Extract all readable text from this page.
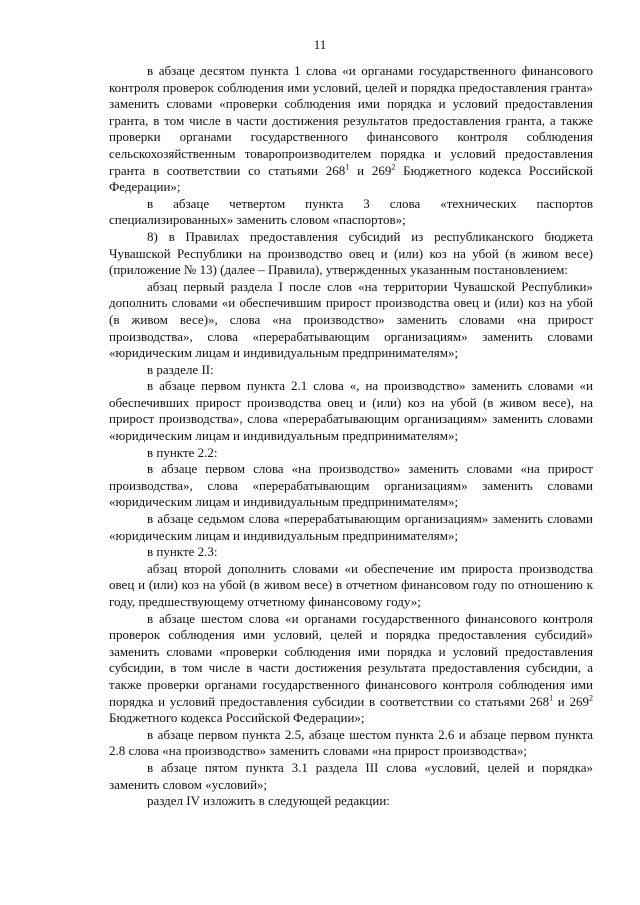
11

в абзаце десятом пункта 1 слова «и органами государственного финансового контроля проверок соблюдения ими условий, целей и порядка предоставления гранта» заменить словами «проверки соблюдения ими порядка и условий предоставления гранта, в том числе в части достижения результатов предоставления гранта, а также проверки органами государственного финансового контроля соблюдения сельскохозяйственным товаропроизводителем порядка и условий предоставления гранта в соответствии со статьями $268^1$ и $269^2$ Бюджетного кодекса Российской Федерации»;

в абзаце четвертом пункта 3 слова «технических паспортов специализированных» заменить словом «паспортов»;

8) в Правилах предоставления субсидий из республиканского бюджета Чувашской Республики на производство овец и (или) коз на убой (в живом весе) (приложение № 13) (далее – Правила), утвержденных указанным постановлением:

абзац первый раздела I после слов «на территории Чувашской Республики» дополнить словами «и обеспечившим прирост производства овец и (или) коз на убой (в живом весе)», слова «на производство» заменить словами «на прирост производства», слова «перерабатывающим организациям» заменить словами «юридическим лицам и индивидуальным предпринимателям»;

в разделе II:

в абзаце первом пункта 2.1 слова «, на производство» заменить словами «и обеспечивших прирост производства овец и (или) коз на убой (в живом весе), на прирост производства», слова «перерабатывающим организациям» заменить словами «юридическим лицам и индивидуальным предпринимателям»;

в пункте 2.2:

в абзаце первом слова «на производство» заменить словами «на прирост производства», слова «перерабатывающим организациям» заменить словами «юридическим лицам и индивидуальным предпринимателям»;

в абзаце седьмом слова «перерабатывающим организациям» заменить словами «юридическим лицам и индивидуальным предпринимателям»;

в пункте 2.3:

абзац второй дополнить словами «и обеспечение им прироста производства овец и (или) коз на убой (в живом весе) в отчетном финансовом году по отношению к году, предшествующему отчетному финансовому году»;

в абзаце шестом слова «и органами государственного финансового контроля проверок соблюдения ими условий, целей и порядка предоставления субсидий» заменить словами «проверки соблюдения ими порядка и условий предоставления субсидии, в том числе в части достижения результата предоставления субсидии, а также проверки органами государственного финансового контроля соблюдения ими порядка и условий предоставления субсидии в соответствии со статьями $268^1$ и $269^2$ Бюджетного кодекса Российской Федерации»;

в абзаце первом пункта 2.5, абзаце шестом пункта 2.6 и абзаце первом пункта 2.8 слова «на производство» заменить словами «на прирост производства»;

в абзаце пятом пункта 3.1 раздела III слова «условий, целей и порядка» заменить словом «условий»;

раздел IV изложить в следующей редакции:
